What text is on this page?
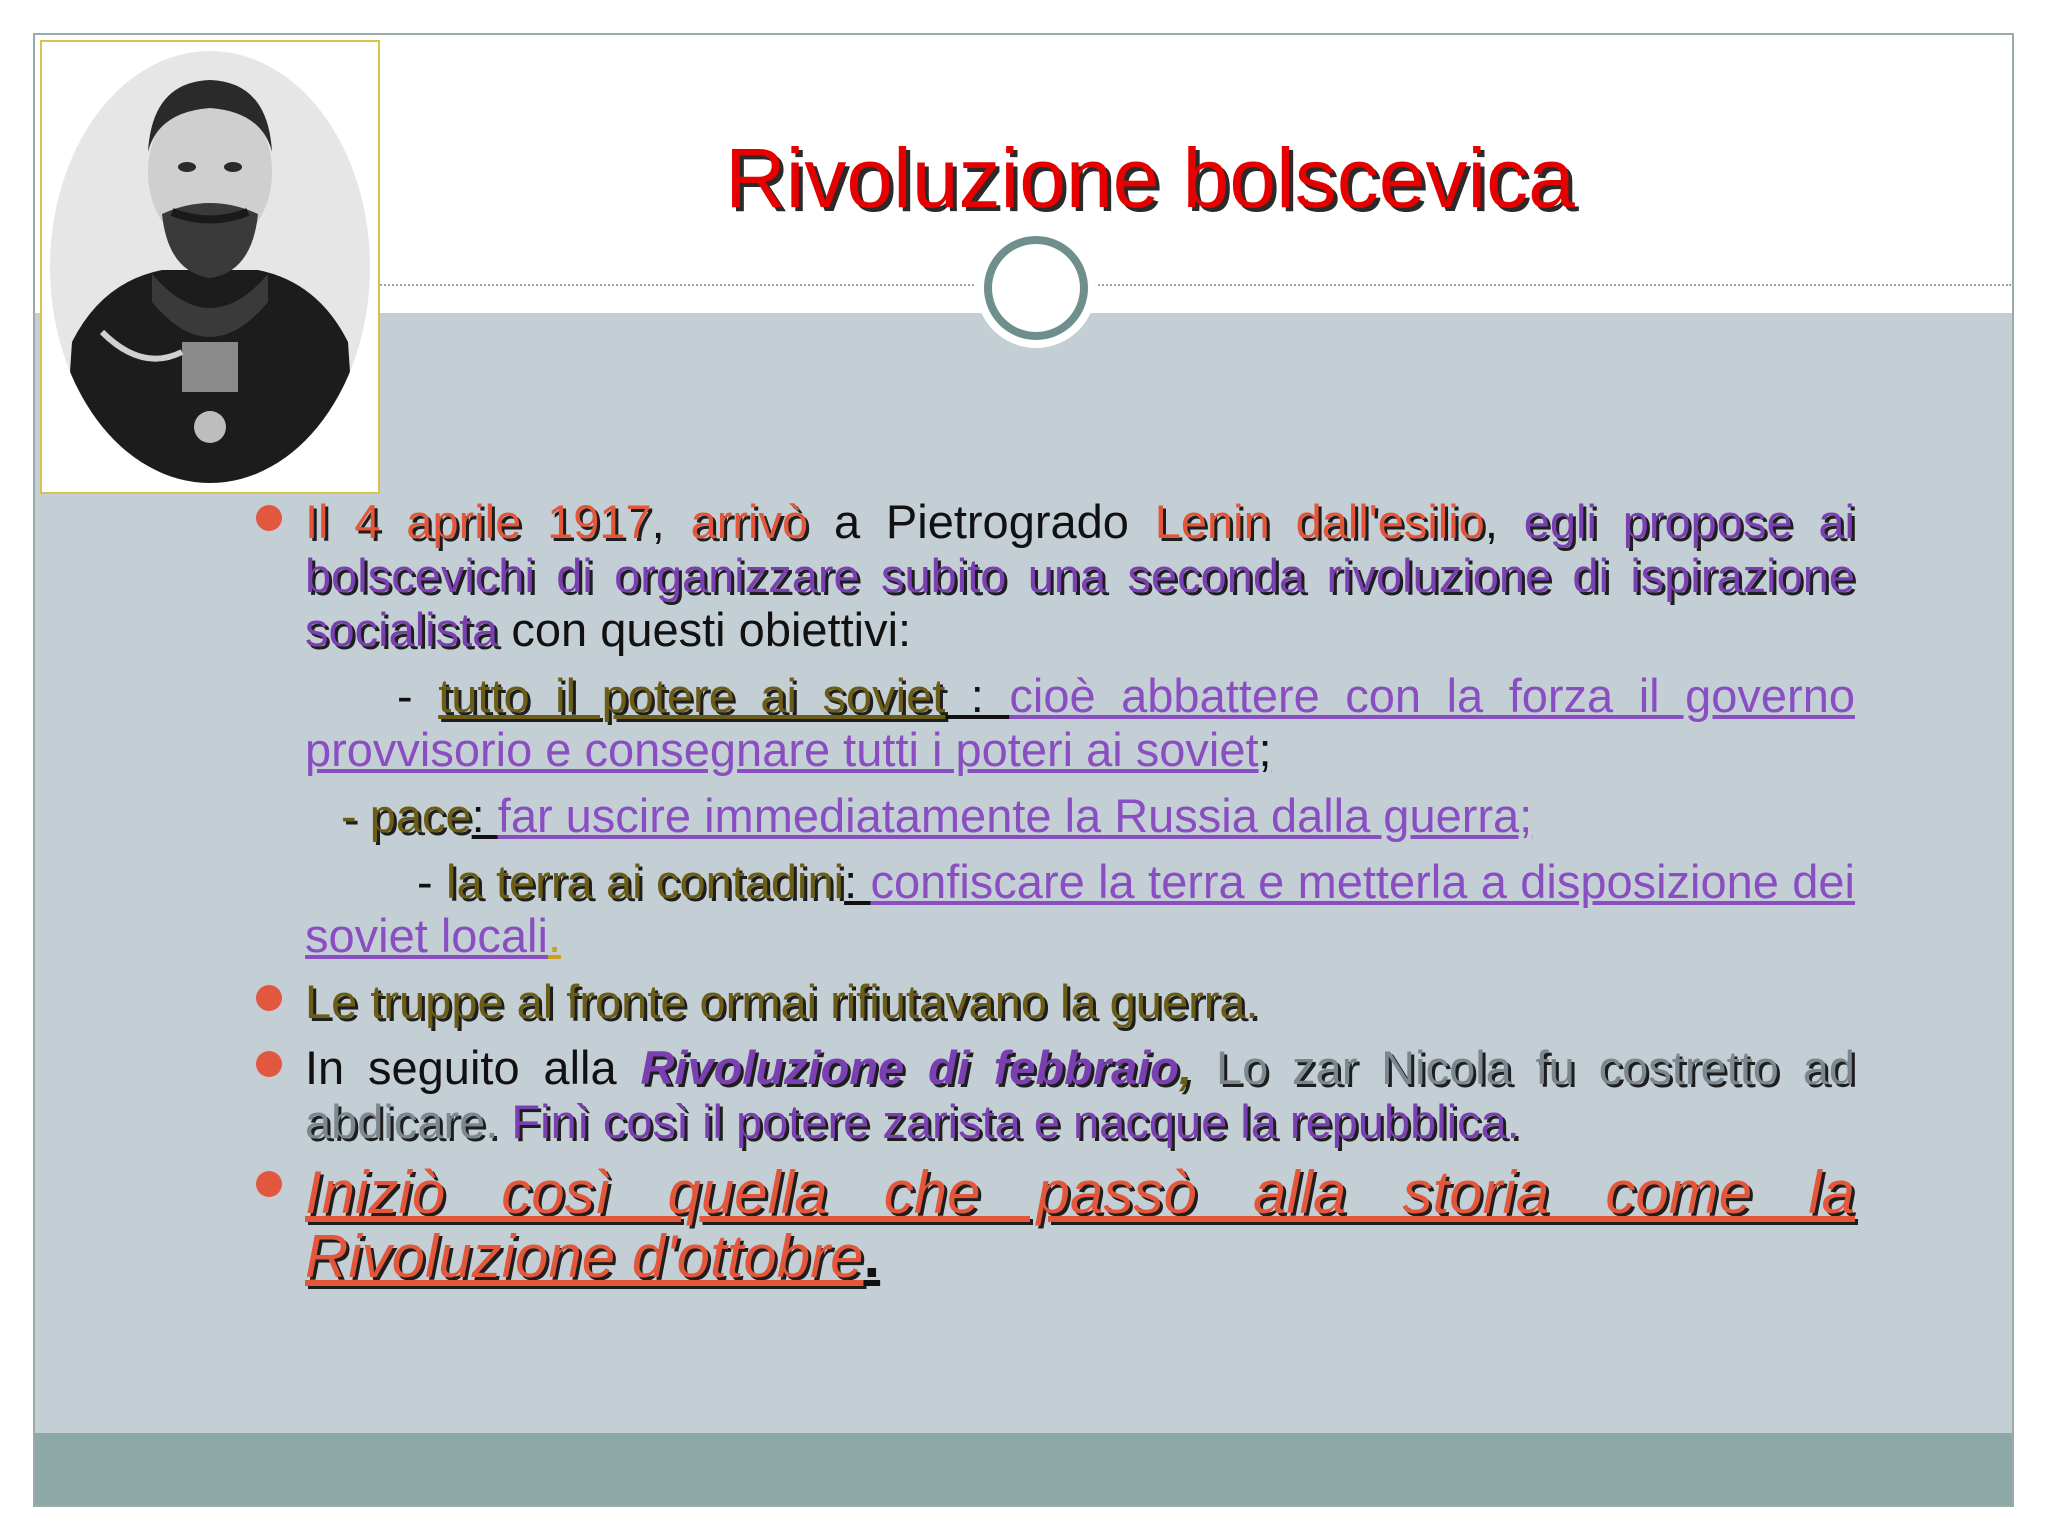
Rivoluzione bolscevica
Il 4 aprile 1917, arrivò a Pietrogrado Lenin dall'esilio, egli propose ai bolscevichi di organizzare subito una seconda rivoluzione di ispirazione socialista con questi obiettivi:
- tutto il potere ai soviet : cioè abbattere con la forza il governo provvisorio e consegnare tutti i poteri ai soviet;
- pace: far uscire immediatamente la Russia dalla guerra;
- la terra ai contadini: confiscare la terra e metterla a disposizione dei soviet locali.
Le truppe al fronte ormai rifiutavano la guerra.
In seguito alla Rivoluzione di febbraio, Lo zar Nicola fu costretto ad abdicare. Finì così il potere zarista e nacque la repubblica.
Iniziò così quella che passò alla storia come la Rivoluzione d'ottobre.
